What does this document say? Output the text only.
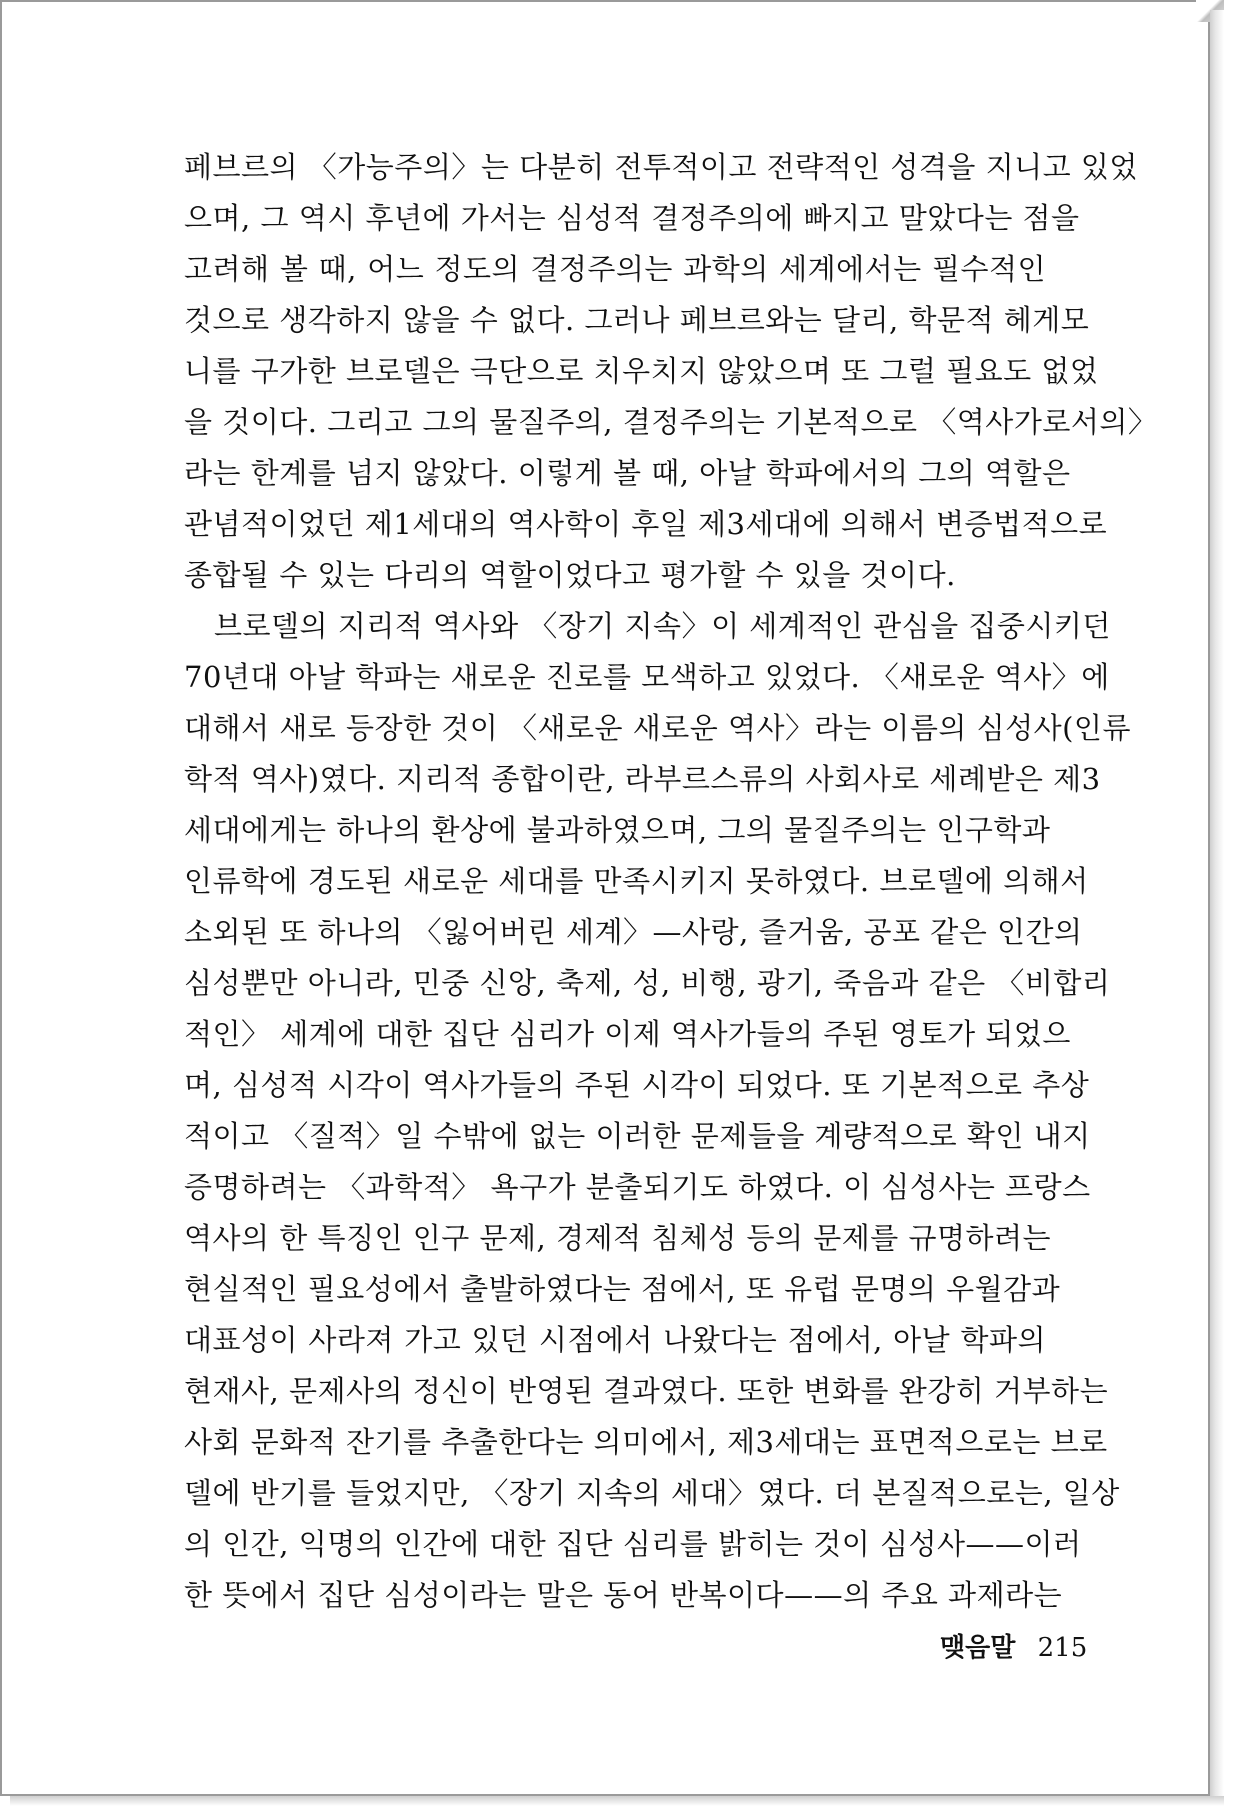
페브르의 〈가능주의〉는 다분히 전투적이고 전략적인 성격을 지니고 있었
으며, 그 역시 후년에 가서는 심성적 결정주의에 빠지고 말았다는 점을
고려해 볼 때, 어느 정도의 결정주의는 과학의 세계에서는 필수적인
것으로 생각하지 않을 수 없다. 그러나 페브르와는 달리, 학문적 헤게모
니를 구가한 브로델은 극단으로 치우치지 않았으며 또 그럴 필요도 없었
을 것이다. 그리고 그의 물질주의, 결정주의는 기본적으로 〈역사가로서의〉
라는 한계를 넘지 않았다. 이렇게 볼 때, 아날 학파에서의 그의 역할은
관념적이었던 제1세대의 역사학이 후일 제3세대에 의해서 변증법적으로
종합될 수 있는 다리의 역할이었다고 평가할 수 있을 것이다.
브로델의 지리적 역사와 〈장기 지속〉이 세계적인 관심을 집중시키던
70년대 아날 학파는 새로운 진로를 모색하고 있었다. 〈새로운 역사〉에
대해서 새로 등장한 것이 〈새로운 새로운 역사〉라는 이름의 심성사(인류
학적 역사)였다. 지리적 종합이란, 라부르스류의 사회사로 세례받은 제3
세대에게는 하나의 환상에 불과하였으며, 그의 물질주의는 인구학과
인류학에 경도된 새로운 세대를 만족시키지 못하였다. 브로델에 의해서
소외된 또 하나의 〈잃어버린 세계〉—사랑, 즐거움, 공포 같은 인간의
심성뿐만 아니라, 민중 신앙, 축제, 성, 비행, 광기, 죽음과 같은 〈비합리
적인〉 세계에 대한 집단 심리가 이제 역사가들의 주된 영토가 되었으
며, 심성적 시각이 역사가들의 주된 시각이 되었다. 또 기본적으로 추상
적이고 〈질적〉일 수밖에 없는 이러한 문제들을 계량적으로 확인 내지
증명하려는 〈과학적〉 욕구가 분출되기도 하였다. 이 심성사는 프랑스
역사의 한 특징인 인구 문제, 경제적 침체성 등의 문제를 규명하려는
현실적인 필요성에서 출발하였다는 점에서, 또 유럽 문명의 우월감과
대표성이 사라져 가고 있던 시점에서 나왔다는 점에서, 아날 학파의
현재사, 문제사의 정신이 반영된 결과였다. 또한 변화를 완강히 거부하는
사회 문화적 잔기를 추출한다는 의미에서, 제3세대는 표면적으로는 브로
델에 반기를 들었지만, 〈장기 지속의 세대〉였다. 더 본질적으로는, 일상
의 인간, 익명의 인간에 대한 집단 심리를 밝히는 것이 심성사——이러
한 뜻에서 집단 심성이라는 말은 동어 반복이다——의 주요 과제라는
맺음말 215
